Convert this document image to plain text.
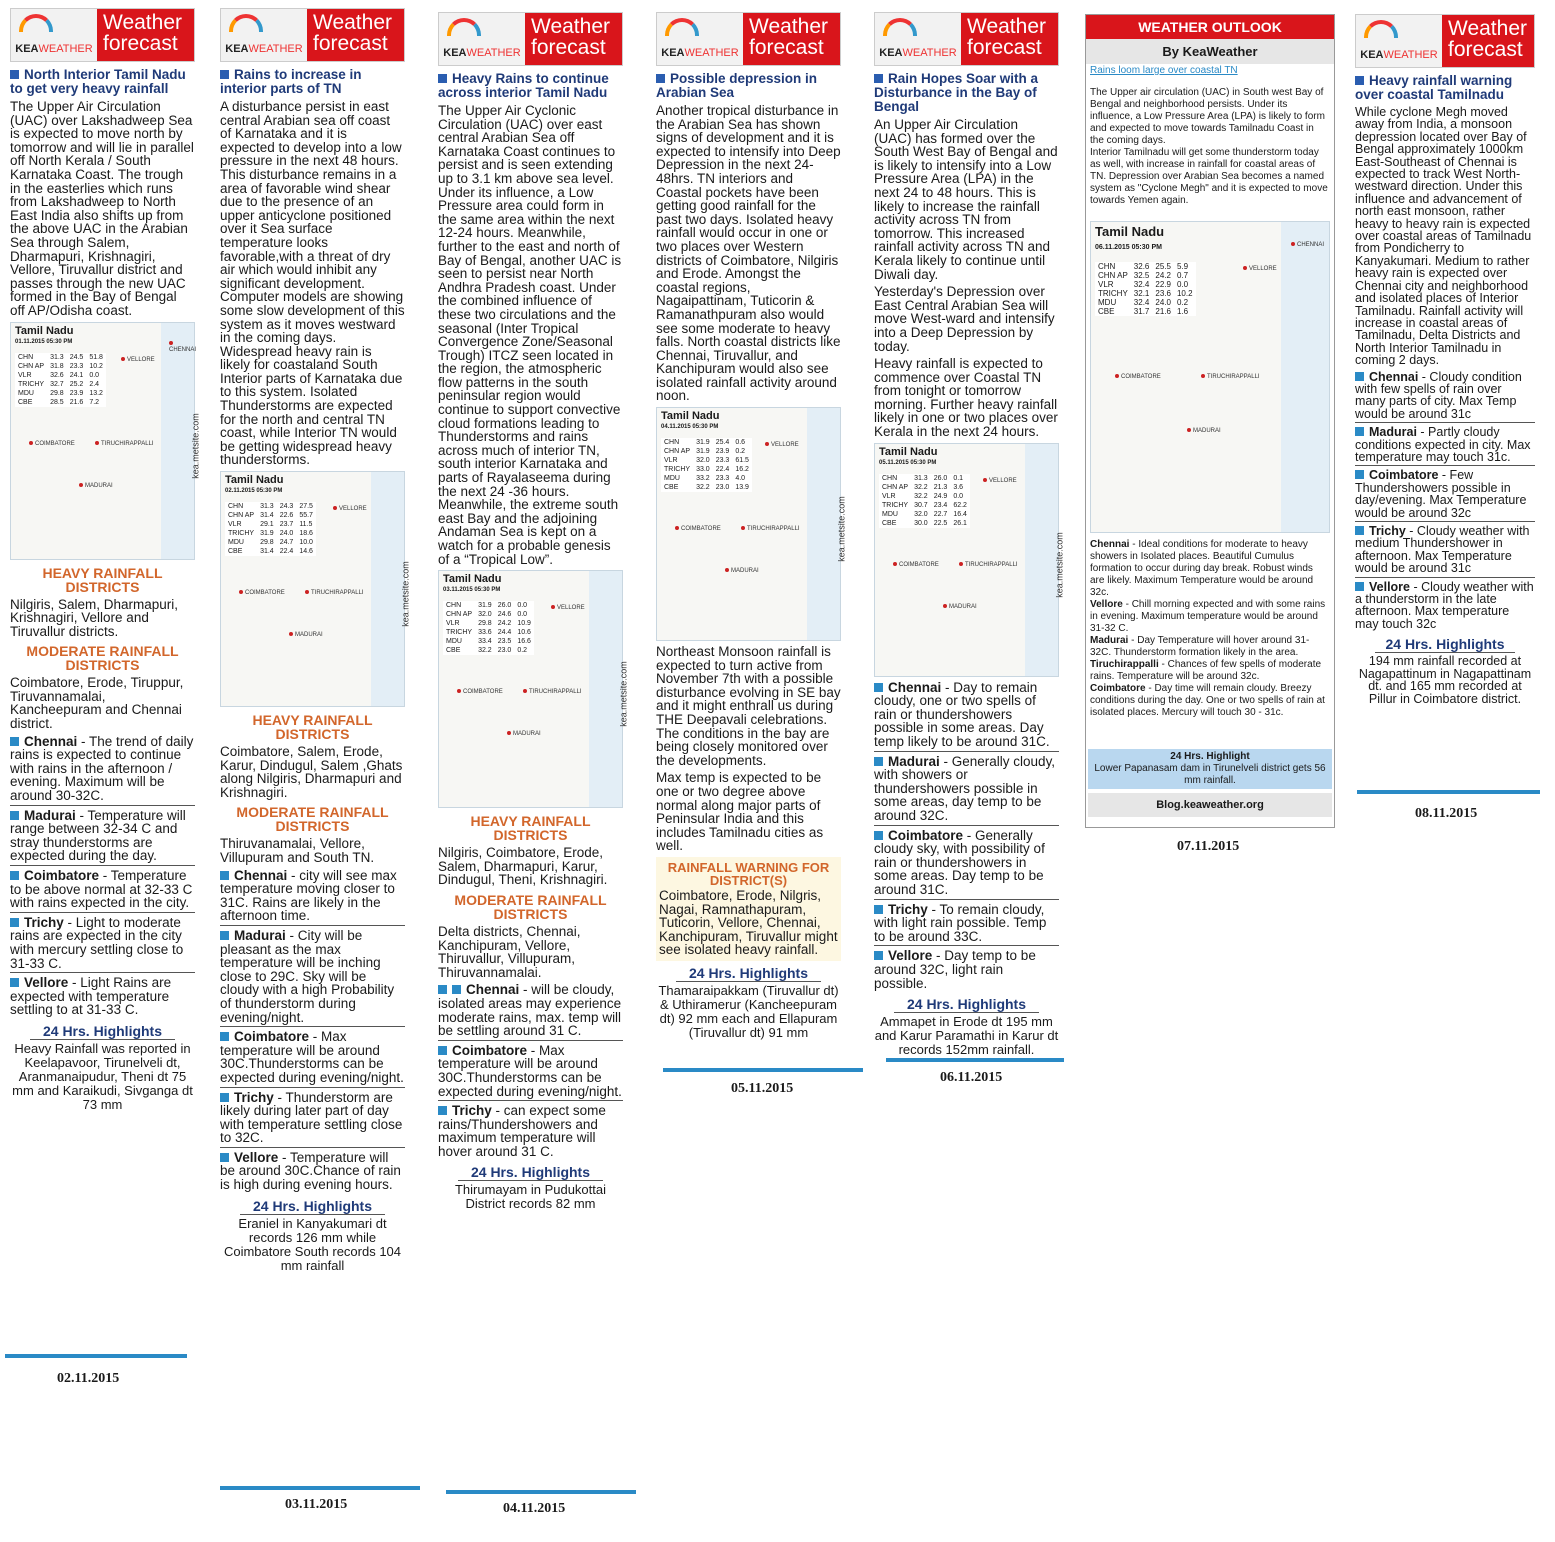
KEA WEATHER
Weather
forecast
North Interior Tamil Nadu to get very heavy rainfall

The Upper Air Circulation (UAC) over Lakshadweep Sea is expected to move north by tomorrow and will lie in parallel off North Kerala / South Karnataka Coast. The trough in the easterlies which runs from Lakshadweep to North East India also shifts up from the above UAC in the Arabian Sea through Salem, Dharmapuri, Krishnagiri, Vellore, Tiruvallur district and passes through the new UAC formed in the Bay of Bengal off AP/Odisha coast.

Tamil Nadu
01.11.2015 05:30 PM
CHN	31.3	24.5	51.8
CHN AP	31.8	23.3	10.2
VLR	32.6	24.1	0.0
TRICHY	32.7	25.2	2.4
MDU	29.8	23.9	13.2
CBE	28.5	21.6	7.2
CHENNAI
VELLORE
COIMBATORE	TIRUCHIRAPPALLI
MADURAI
kea.metsite.com
HEAVY RAINFALL DISTRICTS

Nilgiris, Salem, Dharmapuri, Krishnagiri, Vellore and Tiruvallur districts.

MODERATE RAINFALL DISTRICTS

Coimbatore, Erode, Tiruppur, Tiruvannamalai, Kancheepuram and Chennai district.

Chennai - The trend of daily rains is expected to continue with rains in the afternoon / evening. Maximum will be around 30-32C.
Madurai - Temperature will range between 32-34 C and stray thunderstorms are expected during the day.
Coimbatore - Temperature to be above normal at 32-33 C with rains expected in the city.
Trichy - Light to moderate rains are expected in the city with mercury settling close to 31-33 C.
Vellore - Light Rains are expected with temperature settling to at 31-33 C.
24 Hrs. Highlights
Heavy Rainfall was reported in Keelapavoor, Tirunelveli dt, Aranmanaipudur, Theni dt 75 mm and Karaikudi, Sivganga dt 73 mm
02.11.2015
KEA WEATHER
Weather
forecast
Rains to increase in interior parts of TN

A disturbance persist in east central Arabian sea off coast of Karnataka and it is expected to develop into a low pressure in the next 48 hours. This disturbance remains in a area of favorable wind shear due to the presence of an upper anticyclone positioned over it Sea surface temperature looks favorable,with a threat of dry air which would inhibit any significant development. Computer models are showing some slow development of this system as it moves westward in the coming days. Widespread heavy rain is likely for coastaland South Interior parts of Karnataka due to this system. Isolated Thunderstorms are expected for the north and central TN coast, while Interior TN would be getting widespread heavy thunderstorms.

Tamil Nadu
02.11.2015 05:30 PM
CHN	31.3	24.3	27.5
CHN AP	31.4	22.6	55.7
VLR	29.1	23.7	11.5
TRICHY	31.9	24.0	18.6
MDU	29.8	24.7	10.0
CBE	31.4	22.4	14.6
VELLORE
COIMBATORE	TIRUCHIRAPPALLI
MADURAI
kea.metsite.com
HEAVY RAINFALL DISTRICTS

Coimbatore, Salem, Erode, Karur, Dindugul, Salem ,Ghats along Nilgiris, Dharmapuri and Krishnagiri.

MODERATE RAINFALL DISTRICTS

Thiruvanamalai, Vellore, Villupuram and South TN.

Chennai - city will see max temperature moving closer to 31C. Rains are likely in the afternoon time.
Madurai - City will be pleasant as the max temperature will be inching close to 29C. Sky will be cloudy with a high Probability of thunderstorm during evening/night.
Coimbatore - Max temperature will be around 30C.Thunderstorms can be expected during evening/night.
Trichy - Thunderstorm are likely during later part of day with temperature settling close to 32C.
Vellore - Temperature will be around 30C.Chance of rain is high during evening hours.
24 Hrs. Highlights
Eraniel in Kanyakumari dt records 126 mm while Coimbatore South records 104 mm rainfall
03.11.2015
KEA WEATHER
Weather
forecast
Heavy Rains to continue across interior Tamil Nadu

The Upper Air Cyclonic Circulation (UAC) over east central Arabian Sea off Karnataka Coast continues to persist and is seen extending up to 3.1 km above sea level. Under its influence, a Low Pressure area could form in the same area within the next 12-24 hours. Meanwhile, further to the east and north of Bay of Bengal, another UAC is seen to persist near North Andhra Pradesh coast. Under the combined influence of these two circulations and the seasonal (Inter Tropical Convergence Zone/Seasonal Trough) ITCZ seen located in the region, the atmospheric flow patterns in the south peninsular region would continue to support convective cloud formations leading to Thunderstorms and rains across much of interior TN, south interior Karnataka and parts of Rayalaseema during the next 24 -36 hours. Meanwhile, the extreme south east Bay and the adjoining Andaman Sea is kept on a watch for a probable genesis of a “Tropical Low”.

Tamil Nadu
03.11.2015 05:30 PM
CHN	31.9	26.0	0.0
CHN AP	32.0	24.6	0.0
VLR	29.8	24.2	10.9
TRICHY	33.6	24.4	10.6
MDU	33.4	23.5	16.6
CBE	32.2	23.0	0.2
VELLORE
COIMBATORE	TIRUCHIRAPPALLI
MADURAI
kea.metsite.com
HEAVY RAINFALL DISTRICTS

Nilgiris, Coimbatore, Erode, Salem, Dharmapuri, Karur, Dindugul, Theni, Krishnagiri.

MODERATE RAINFALL DISTRICTS

Delta districts, Chennai, Kanchipuram, Vellore, Thiruvallur, Villupuram, Thiruvannamalai.

Chennai - will be cloudy, isolated areas may experience moderate rains, max. temp will be settling around 31 C.
Coimbatore - Max temperature will be around 30C.Thunderstorms can be expected during evening/night.
Trichy - can expect some rains/Thundershowers and maximum temperature will hover around 31 C.
24 Hrs. Highlights
Thirumayam in Pudukottai District records 82 mm
04.11.2015
KEA WEATHER
Weather
forecast
Possible depression in Arabian Sea

Another tropical disturbance in the Arabian Sea has shown signs of development and it is expected to intensify into Deep Depression in the next 24-48hrs. TN interiors and Coastal pockets have been getting good rainfall for the past two days. Isolated heavy rainfall would occur in one or two places over Western districts of Coimbatore, Nilgiris and Erode. Amongst the coastal regions, Nagaipattinam, Tuticorin & Ramanathpuram also would see some moderate to heavy falls. North coastal districts like Chennai, Tiruvallur, and Kanchipuram would also see isolated rainfall activity around noon.

Tamil Nadu
04.11.2015 05:30 PM
CHN	31.9	25.4	0.6
CHN AP	31.9	23.9	0.2
VLR	32.0	23.3	61.5
TRICHY	33.0	22.4	16.2
MDU	33.2	23.3	4.0
CBE	32.2	23.0	13.9
VELLORE
COIMBATORE	TIRUCHIRAPPALLI
MADURAI
kea.metsite.com

Northeast Monsoon rainfall is expected to turn active from November 7th with a possible disturbance evolving in SE bay and it might enthrall us during THE Deepavali celebrations. The conditions in the bay are being closely monitored over the developments.

Max temp is expected to be one or two degree above normal along major parts of Peninsular India and this includes Tamilnadu cities as well.

RAINFALL WARNING FOR DISTRICT(S)

Coimbatore, Erode, Nilgris, Nagai, Ramnathapuram, Tuticorin, Vellore, Chennai, Kanchipuram, Tiruvallur might see isolated heavy rainfall.

24 Hrs. Highlights
Thamaraipakkam (Tiruvallur dt) & Uthiramerur (Kancheepuram dt) 92 mm each and Ellapuram (Tiruvallur dt) 91 mm
05.11.2015
KEA WEATHER
Weather
forecast
Rain Hopes Soar with a Disturbance in the Bay of Bengal

An Upper Air Circulation (UAC) has formed over the South West Bay of Bengal and is likely to intensify into a Low Pressure Area (LPA) in the next 24 to 48 hours. This is likely to increase the rainfall activity across TN from tomorrow. This increased rainfall activity across TN and Kerala likely to continue until Diwali day.

Yesterday's Depression over East Central Arabian Sea will move West-ward and intensify into a Deep Depression by today.

Heavy rainfall is expected to commence over Coastal TN from tonight or tomorrow morning. Further heavy rainfall likely in one or two places over Kerala in the next 24 hours.

Tamil Nadu
05.11.2015 05:30 PM
CHN	31.3	26.0	0.1
CHN AP	32.2	21.3	3.6
VLR	32.2	24.9	0.0
TRICHY	30.7	23.4	62.2
MDU	32.0	22.7	16.4
CBE	30.0	22.5	26.1
VELLORE
COIMBATORE	TIRUCHIRAPPALLI
MADURAI
kea.metsite.com
Chennai - Day to remain cloudy, one or two spells of rain or thundershowers possible in some areas. Day temp likely to be around 31C.
Madurai - Generally cloudy, with showers or thundershowers possible in some areas, day temp to be around 32C.
Coimbatore - Generally cloudy sky, with possibility of rain or thundershowers in some areas. Day temp to be around 31C.
Trichy - To remain cloudy, with light rain possible. Temp to be around 33C.
Vellore - Day temp to be around 32C, light rain possible.
24 Hrs. Highlights
Ammapet in Erode dt 195 mm and Karur Paramathi in Karur dt records 152mm rainfall.
06.11.2015
WEATHER OUTLOOK
By KeaWeather
Rains loom large over coastal TN
The Upper air circulation (UAC) in South west Bay of Bengal and neighborhood persists. Under its influence, a Low Pressure Area (LPA) is likely to form and expected to move towards Tamilnadu Coast in the coming days.
Interior Tamilnadu will get some thunderstorm today as well, with increase in rainfall for coastal areas of TN. Depression over Arabian Sea becomes a named system as "Cyclone Megh" and it is expected to move towards Yemen again.
Tamil Nadu
06.11.2015 05:30 PM
CHN	32.6	25.5	5.9
CHN AP	32.5	24.2	0.7
VLR	32.4	22.9	0.0
TRICHY	32.1	23.6	10.2
MDU	32.4	24.0	0.2
CBE	31.7	21.6	1.6
CHENNAI
VELLORE
COIMBATORE	TIRUCHIRAPPALLI
MADURAI
Chennai - Ideal conditions for moderate to heavy showers in Isolated places. Beautiful Cumulus formation to occur during day break. Robust winds are likely. Maximum Temperature would be around 32c.
Vellore - Chill morning expected and with some rains in evening. Maximum temperature would be around 31-32 C.
Madurai - Day Temperature will hover around 31-32C. Thunderstorm formation likely in the area.
Tiruchirappalli - Chances of few spells of moderate rains. Temperature will be around 32c.
Coimbatore - Day time will remain cloudy. Breezy conditions during the day. One or two spells of rain at isolated places. Mercury will touch 30 - 31c.
24 Hrs. Highlight
Lower Papanasam dam in Tirunelveli district gets 56 mm rainfall.
Blog.keaweather.org
07.11.2015
KEA WEATHER
Weather
forecast
Heavy rainfall warning over coastal Tamilnadu

While cyclone Megh moved away from India, a monsoon depression located over Bay of Bengal approximately 1000km East-Southeast of Chennai is expected to track West North-westward direction. Under this influence and advancement of north east monsoon, rather heavy to heavy rain is expected over coastal areas of Tamilnadu from Pondicherry to Kanyakumari. Medium to rather heavy rain is expected over Chennai city and neighborhood and isolated places of Interior Tamilnadu. Rainfall activity will increase in coastal areas of Tamilnadu, Delta Districts and North Interior Tamilnadu in coming 2 days.

Chennai - Cloudy condition with few spells of rain over many parts of city. Max Temp would be around 31c
Madurai - Partly cloudy conditions expected in city. Max temperature may touch 31c.
Coimbatore - Few Thundershowers possible in day/evening. Max Temperature would be around 32c
Trichy - Cloudy weather with medium Thundershower in afternoon. Max Temperature would be around 31c
Vellore - Cloudy weather with a thunderstorm in the late afternoon. Max temperature may touch 32c
24 Hrs. Highlights
194 mm rainfall recorded at Nagapattinum in Nagapattinam dt. and 165 mm recorded at Pillur in Coimbatore district.
08.11.2015
